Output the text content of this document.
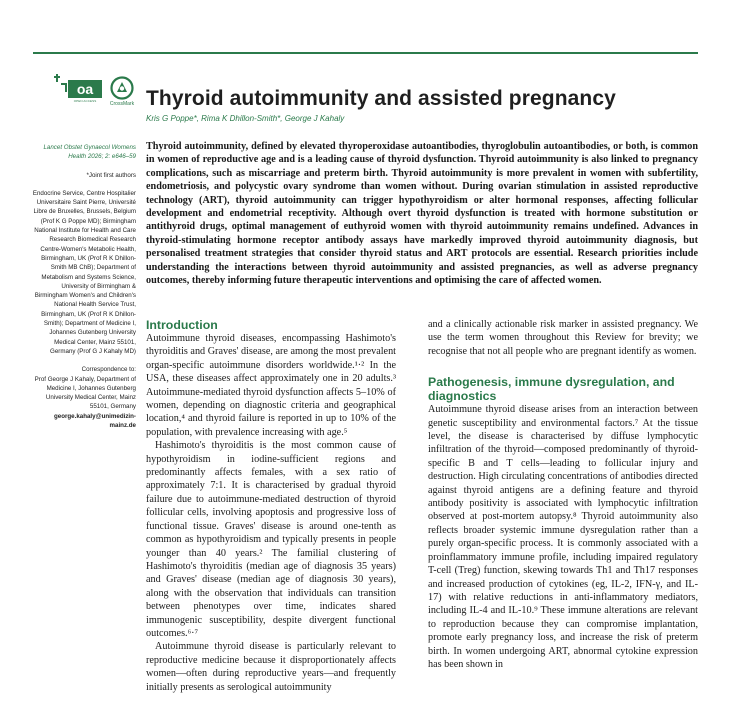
oa
OPEN ACCESS	CrossMark Thyroid autoimmunity and assisted pregnancy
Kris G Poppe*, Rima K Dhillon-Smith*, George J Kahaly

Lancet Obstet Gynaecol Womens Health 2026; 2: e646–59

*Joint first authors

Endocrine Service, Centre Hospitalier Universitaire Saint Pierre, Université Libre de Bruxelles, Brussels, Belgium (Prof K G Poppe MD); Birmingham National Institute for Health and Care Research Biomedical Research Centre-Women's Metabolic Health, Birmingham, UK (Prof R K Dhillon-Smith MB ChB); Department of Metabolism and Systems Science, University of Birmingham & Birmingham Women's and Children's National Health Service Trust, Birmingham, UK (Prof R K Dhillon-Smith); Department of Medicine I, Johannes Gutenberg University Medical Center, Mainz 55101, Germany (Prof G J Kahaly MD)

Correspondence to:

Prof George J Kahaly, Department of Medicine I, Johannes Gutenberg University Medical Center, Mainz 55101, Germany

george.kahaly@unimedizin-mainz.de

Thyroid autoimmunity, defined by elevated thyroperoxidase autoantibodies, thyroglobulin autoantibodies, or both, is common in women of reproductive age and is a leading cause of thyroid dysfunction. Thyroid autoimmunity is also linked to pregnancy complications, such as miscarriage and preterm birth. Thyroid autoimmunity is more prevalent in women with subfertility, endometriosis, and polycystic ovary syndrome than women without. During ovarian stimulation in assisted reproductive technology (ART), thyroid autoimmunity can trigger hypothyroidism or alter hormonal responses, affecting follicular development and endometrial receptivity. Although overt thyroid dysfunction is treated with hormone substitution or antithyroid drugs, optimal management of euthyroid women with thyroid autoimmunity remains undefined. Advances in thyroid-stimulating hormone receptor antibody assays have markedly improved thyroid autoimmunity diagnosis, but personalised treatment strategies that consider thyroid status and ART protocols are essential. Research priorities include understanding the interactions between thyroid autoimmunity and assisted pregnancies, as well as adverse pregnancy outcomes, thereby informing future therapeutic interventions and optimising the care of affected women.

Introduction

Autoimmune thyroid diseases, encompassing Hashimoto's thyroiditis and Graves' disease, are among the most prevalent organ-specific autoimmune disorders worldwide.¹·² In the USA, these diseases affect approximately one in 20 adults.³ Autoimmune-mediated thyroid dysfunction affects 5–10% of women, depending on diagnostic criteria and geographical location,⁴ and thyroid failure is reported in up to 10% of the population, with prevalence increasing with age.⁵

Hashimoto's thyroiditis is the most common cause of hypothyroidism in iodine-sufficient regions and predominantly affects females, with a sex ratio of approximately 7:1. It is characterised by gradual thyroid failure due to autoimmune-mediated destruction of thyroid follicular cells, involving apoptosis and progressive loss of functional tissue. Graves' disease is around one-tenth as common as hypothyroidism and typically presents in people younger than 40 years.² The familial clustering of Hashimoto's thyroiditis (median age of diagnosis 35 years) and Graves' disease (median age of diagnosis 30 years), along with the observation that individuals can transition between phenotypes over time, indicates shared immunogenic susceptibility, despite divergent functional outcomes.⁶·⁷

Autoimmune thyroid disease is particularly relevant to reproductive medicine because it disproportionately affects women—often during reproductive years—and frequently initially presents as serological autoimmunity

and a clinically actionable risk marker in assisted pregnancy. We use the term women throughout this Review for brevity; we recognise that not all people who are pregnant identify as women.

Pathogenesis, immune dysregulation, and diagnostics

Autoimmune thyroid disease arises from an interaction between genetic susceptibility and environmental factors.⁷ At the tissue level, the disease is characterised by diffuse lymphocytic infiltration of the thyroid—composed predominantly of thyroid-specific B and T cells—leading to follicular injury and destruction. High circulating concentrations of antibodies directed against thyroid antigens are a defining feature and thyroid antibody positivity is associated with lymphocytic infiltration observed at post-mortem autopsy.⁸ Thyroid autoimmunity also reflects broader systemic immune dysregulation rather than a purely organ-specific process. It is commonly associated with a proinflammatory immune profile, including impaired regulatory T-cell (Treg) function, skewing towards Th1 and Th17 responses and increased production of cytokines (eg, IL-2, IFN-γ, and IL-17) with relative reductions in anti-inflammatory mediators, including IL-4 and IL-10.⁹ These immune alterations are relevant to reproduction because they can compromise implantation, promote early pregnancy loss, and increase the risk of preterm birth. In women undergoing ART, abnormal cytokine expression has been shown in
